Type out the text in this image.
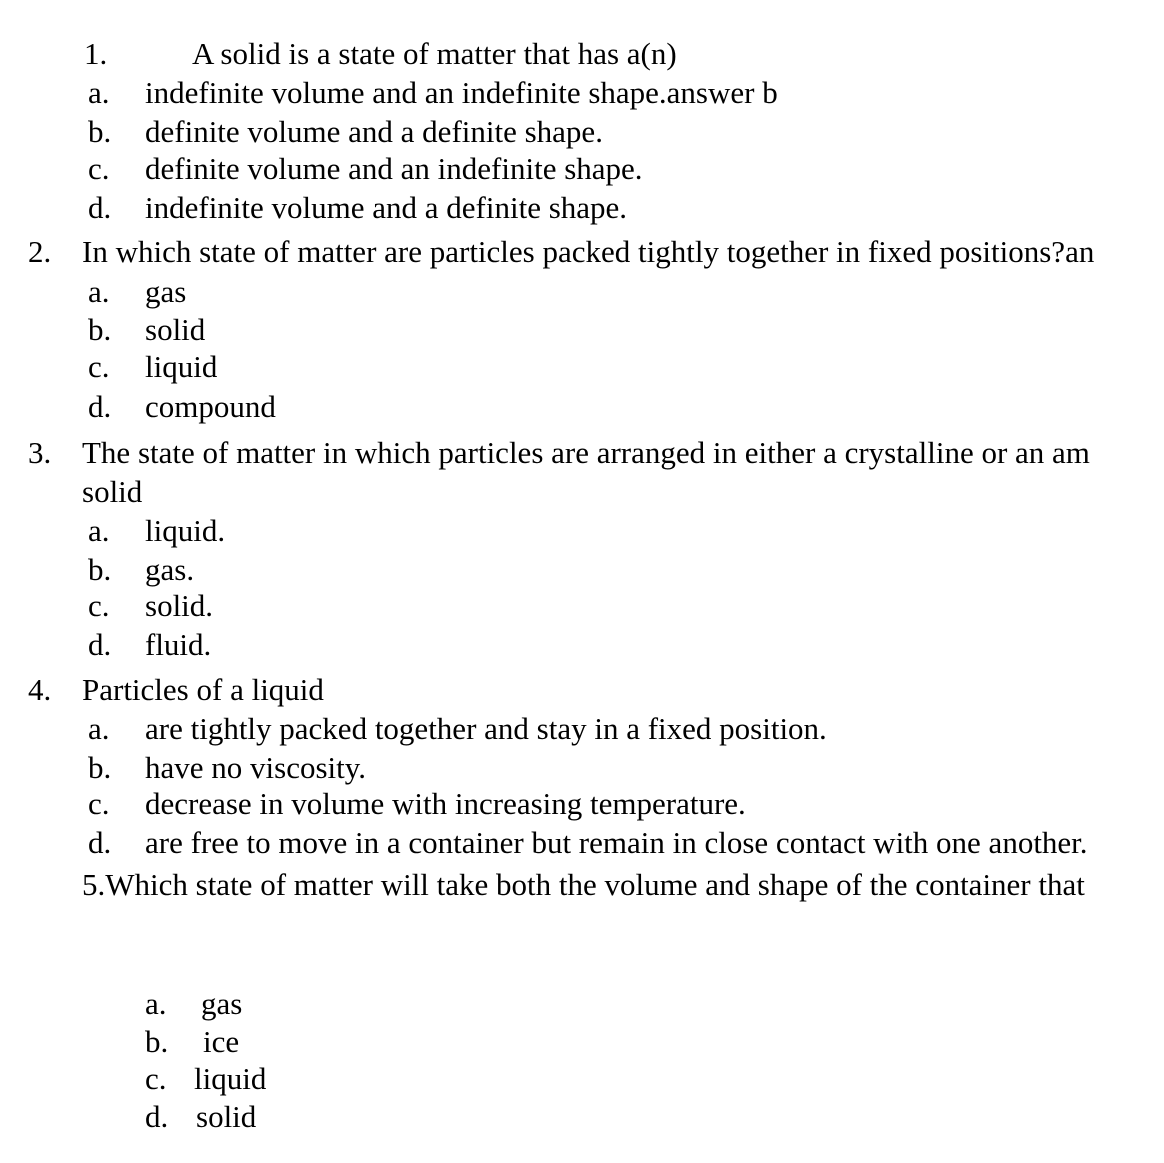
1.	A solid is a state of matter that has a(n)
a. indefinite volume and an indefinite shape.answer b
b. definite volume and a definite shape.
c. definite volume and an indefinite shape.
d. indefinite volume and a definite shape.
2. In which state of matter are particles packed tightly together in fixed positions?an
a. gas
b. solid
c. liquid
d. compound
3. The state of matter in which particles are arranged in either a crystalline or an am
solid
a. liquid.
b. gas.
c. solid.
d. fluid.
4. Particles of a liquid
a. are tightly packed together and stay in a fixed position.
b. have no viscosity.
c. decrease in volume with increasing temperature.
d. are free to move in a container but remain in close contact with one another.
5.Which state of matter will take both the volume and shape of the container that
a. gas
b. ice
c. liquid
d. solid
